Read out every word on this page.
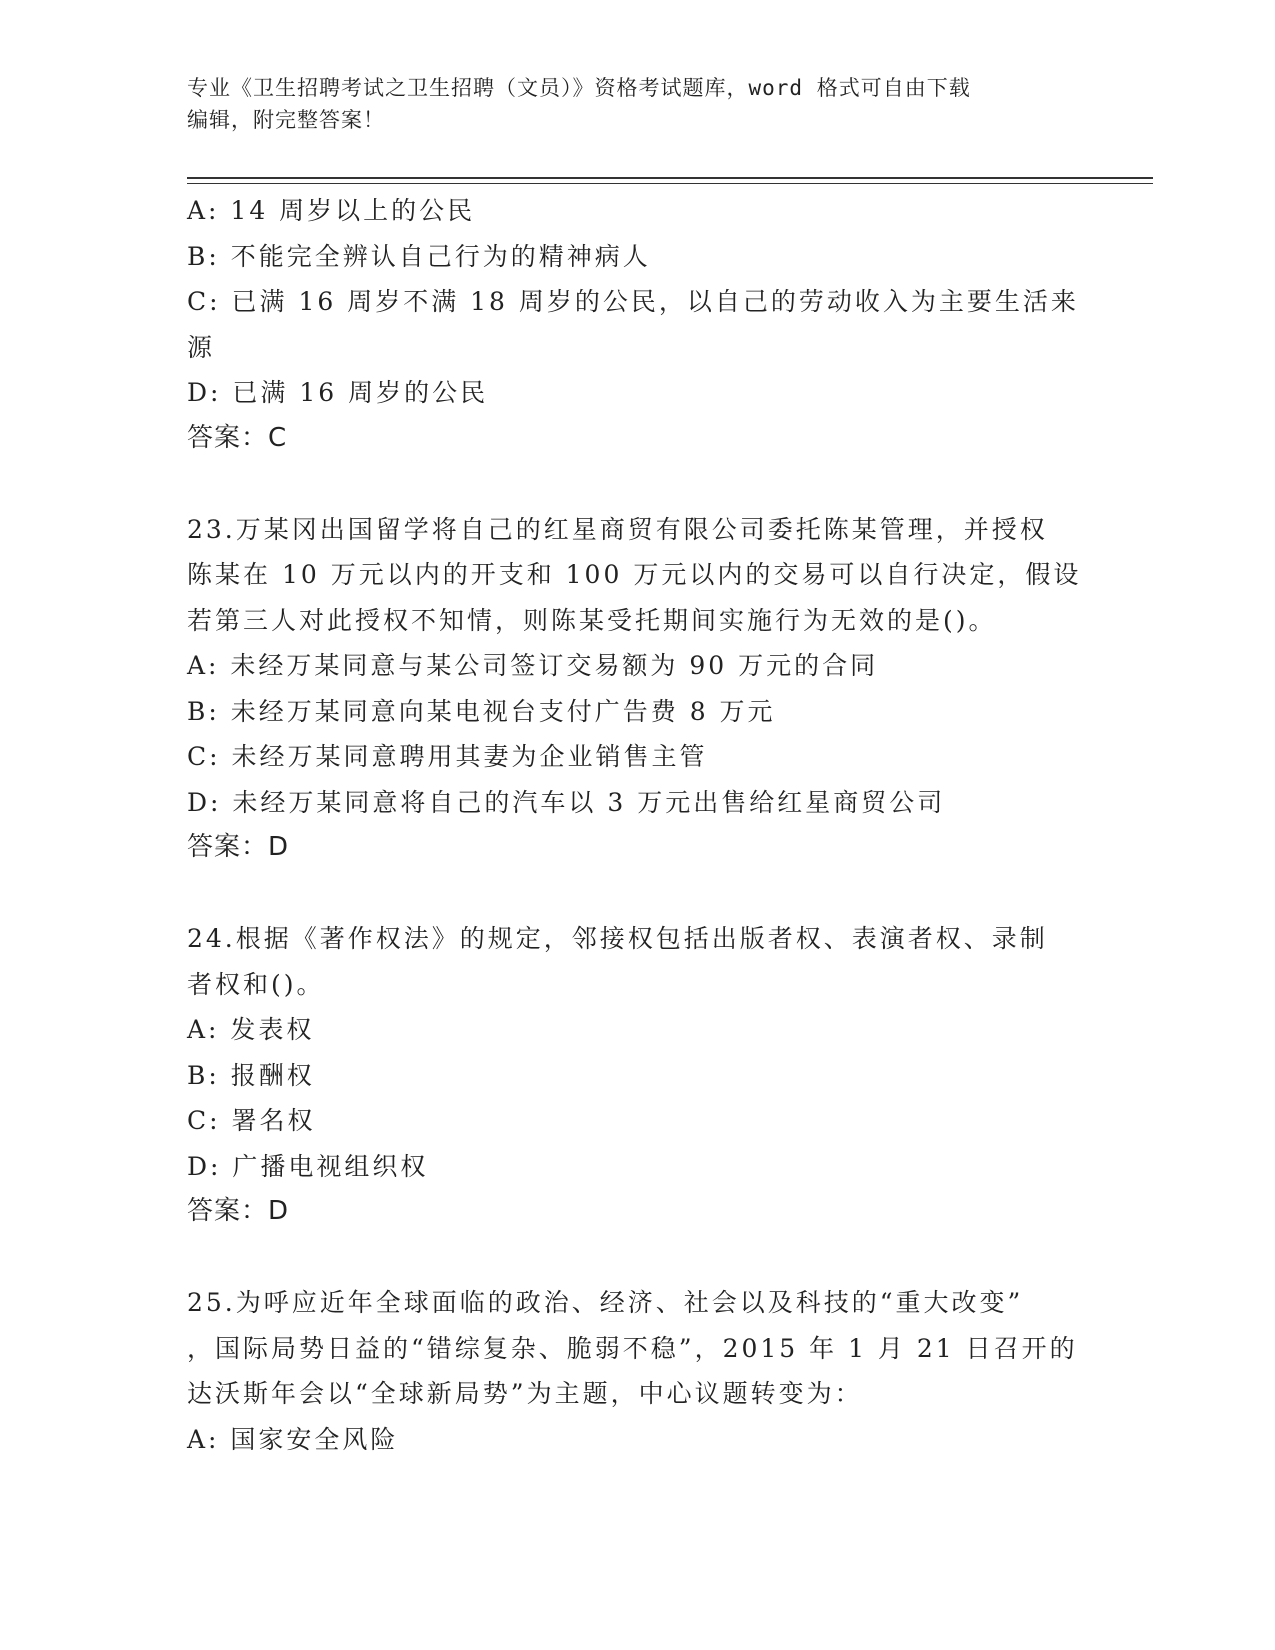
专业《卫生招聘考试之卫生招聘（文员）》资格考试题库，word 格式可自由下载
编辑，附完整答案！
A: 14 周岁以上的公民
B: 不能完全辨认自己行为的精神病人
C: 已满 16 周岁不满 18 周岁的公民，以自己的劳动收入为主要生活来
源
D: 已满 16 周岁的公民
答案：C
23.万某冈出国留学将自己的红星商贸有限公司委托陈某管理，并授权
陈某在 10 万元以内的开支和 100 万元以内的交易可以自行决定，假设
若第三人对此授权不知情，则陈某受托期间实施行为无效的是()。
A: 未经万某同意与某公司签订交易额为 90 万元的合同
B: 未经万某同意向某电视台支付广告费 8 万元
C: 未经万某同意聘用其妻为企业销售主管
D: 未经万某同意将自己的汽车以 3 万元出售给红星商贸公司
答案：D
24.根据《著作权法》的规定，邻接权包括出版者权、表演者权、录制
者权和()。
A: 发表权
B: 报酬权
C: 署名权
D: 广播电视组织权
答案：D
25.为呼应近年全球面临的政治、经济、社会以及科技的“重大改变”
，国际局势日益的“错综复杂、脆弱不稳”，2015 年 1 月 21 日召开的
达沃斯年会以“全球新局势”为主题，中心议题转变为：
A: 国家安全风险
